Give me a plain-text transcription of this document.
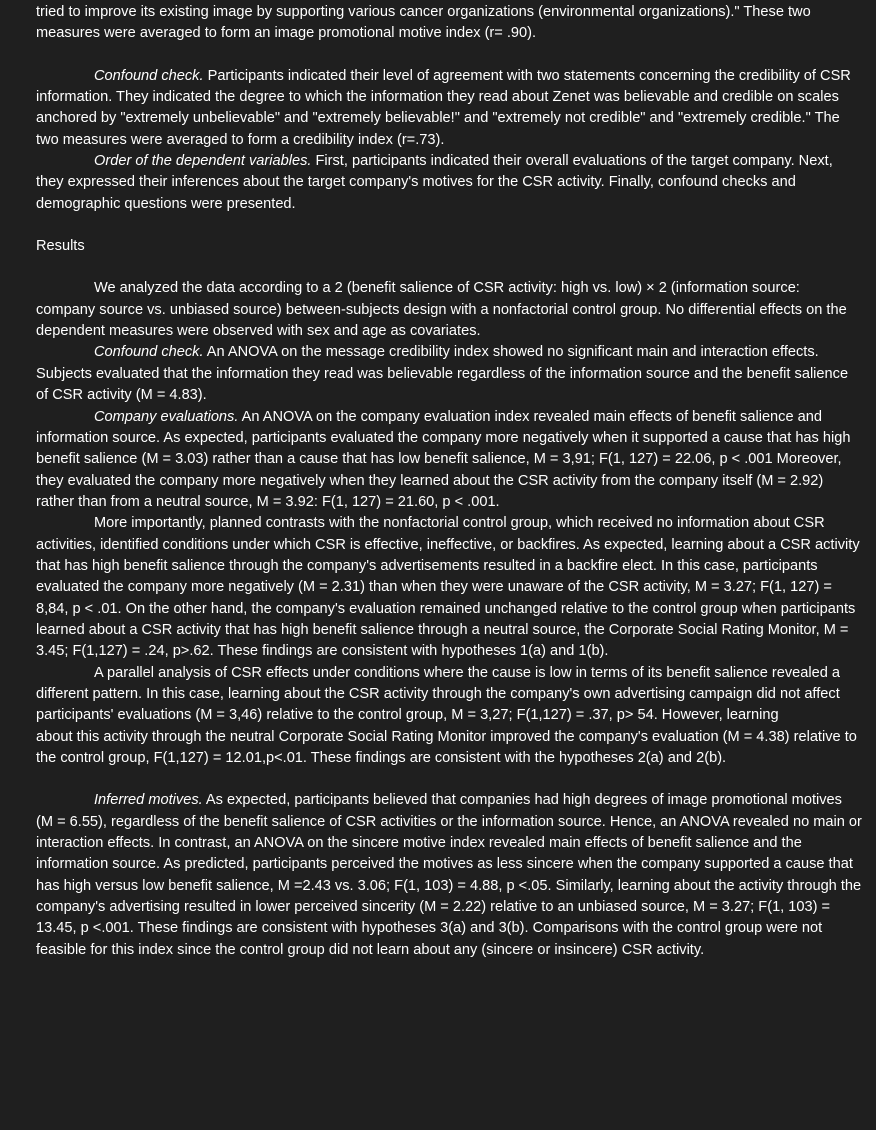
tried to improve its existing image by supporting various cancer organizations (environmental organizations)." These two measures were averaged to form an image promotional motive index (r= .90).

Confound check. Participants indicated their level of agreement with two statements concerning the credibility of CSR information. They indicated the degree to which the information they read about Zenet was believable and credible on scales anchored by "extremely unbelievable" and "extremely believable!" and "extremely not credible" and "extremely credible." The two measures were averaged to form a credibility index (r=.73).

Order of the dependent variables. First, participants indicated their overall evaluations of the target company. Next, they expressed their inferences about the target company's motives for the CSR activity. Finally, confound checks and demographic questions were presented.

Results

We analyzed the data according to a 2 (benefit salience of CSR activity: high vs. low) × 2 (information source: company source vs. unbiased source) between-subjects design with a nonfactorial control group. No differential effects on the dependent measures were observed with sex and age as covariates.

Confound check. An ANOVA on the message credibility index showed no significant main and interaction effects. Subjects evaluated that the information they read was believable regardless of the information source and the benefit salience of CSR activity (M = 4.83).

Company evaluations. An ANOVA on the company evaluation index revealed main effects of benefit salience and information source. As expected, participants evaluated the company more negatively when it supported a cause that has high benefit salience (M = 3.03) rather than a cause that has low benefit salience, M = 3,91; F(1, 127) = 22.06, p < .001 Moreover, they evaluated the company more negatively when they learned about the CSR activity from the company itself (M = 2.92) rather than from a neutral source, M = 3.92: F(1, 127) = 21.60, p < .001.

More importantly, planned contrasts with the nonfactorial control group, which received no information about CSR activities, identified conditions under which CSR is effective, ineffective, or backfires. As expected, learning about a CSR activity that has high benefit salience through the company's advertisements resulted in a backfire elect. In this case, participants evaluated the company more negatively (M = 2.31) than when they were unaware of the CSR activity, M = 3.27; F(1, 127) = 8,84, p < .01. On the other hand, the company's evaluation remained unchanged relative to the control group when participants learned about a CSR activity that has high benefit salience through a neutral source, the Corporate Social Rating Monitor, M = 3.45; F(1,127) = .24, p>.62. These findings are consistent with hypotheses 1(a) and 1(b).

A parallel analysis of CSR effects under conditions where the cause is low in terms of its benefit salience revealed a different pattern. In this case, learning about the CSR activity through the company's own advertising campaign did not affect participants' evaluations (M = 3,46) relative to the control group, M = 3,27; F(1,127) = .37, p> 54. However, learning

about this activity through the neutral Corporate Social Rating Monitor improved the company's evaluation (M = 4.38) relative to the control group, F(1,127) = 12.01,p<.01. These findings are consistent with the hypotheses 2(a) and 2(b).

Inferred motives. As expected, participants believed that companies had high degrees of image promotional motives (M = 6.55), regardless of the benefit salience of CSR activities or the information source. Hence, an ANOVA revealed no main or interaction effects. In contrast, an ANOVA on the sincere motive index revealed main effects of benefit salience and the information source. As predicted, participants perceived the motives as less sincere when the company supported a cause that has high versus low benefit salience, M =2.43 vs. 3.06; F(1, 103) = 4.88, p <.05. Similarly, learning about the activity through the company's advertising resulted in lower perceived sincerity (M = 2.22) relative to an unbiased source, M = 3.27; F(1, 103) = 13.45, p <.001. These findings are consistent with hypotheses 3(a) and 3(b). Comparisons with the control group were not feasible for this index since the control group did not learn about any (sincere or insincere) CSR activity.
